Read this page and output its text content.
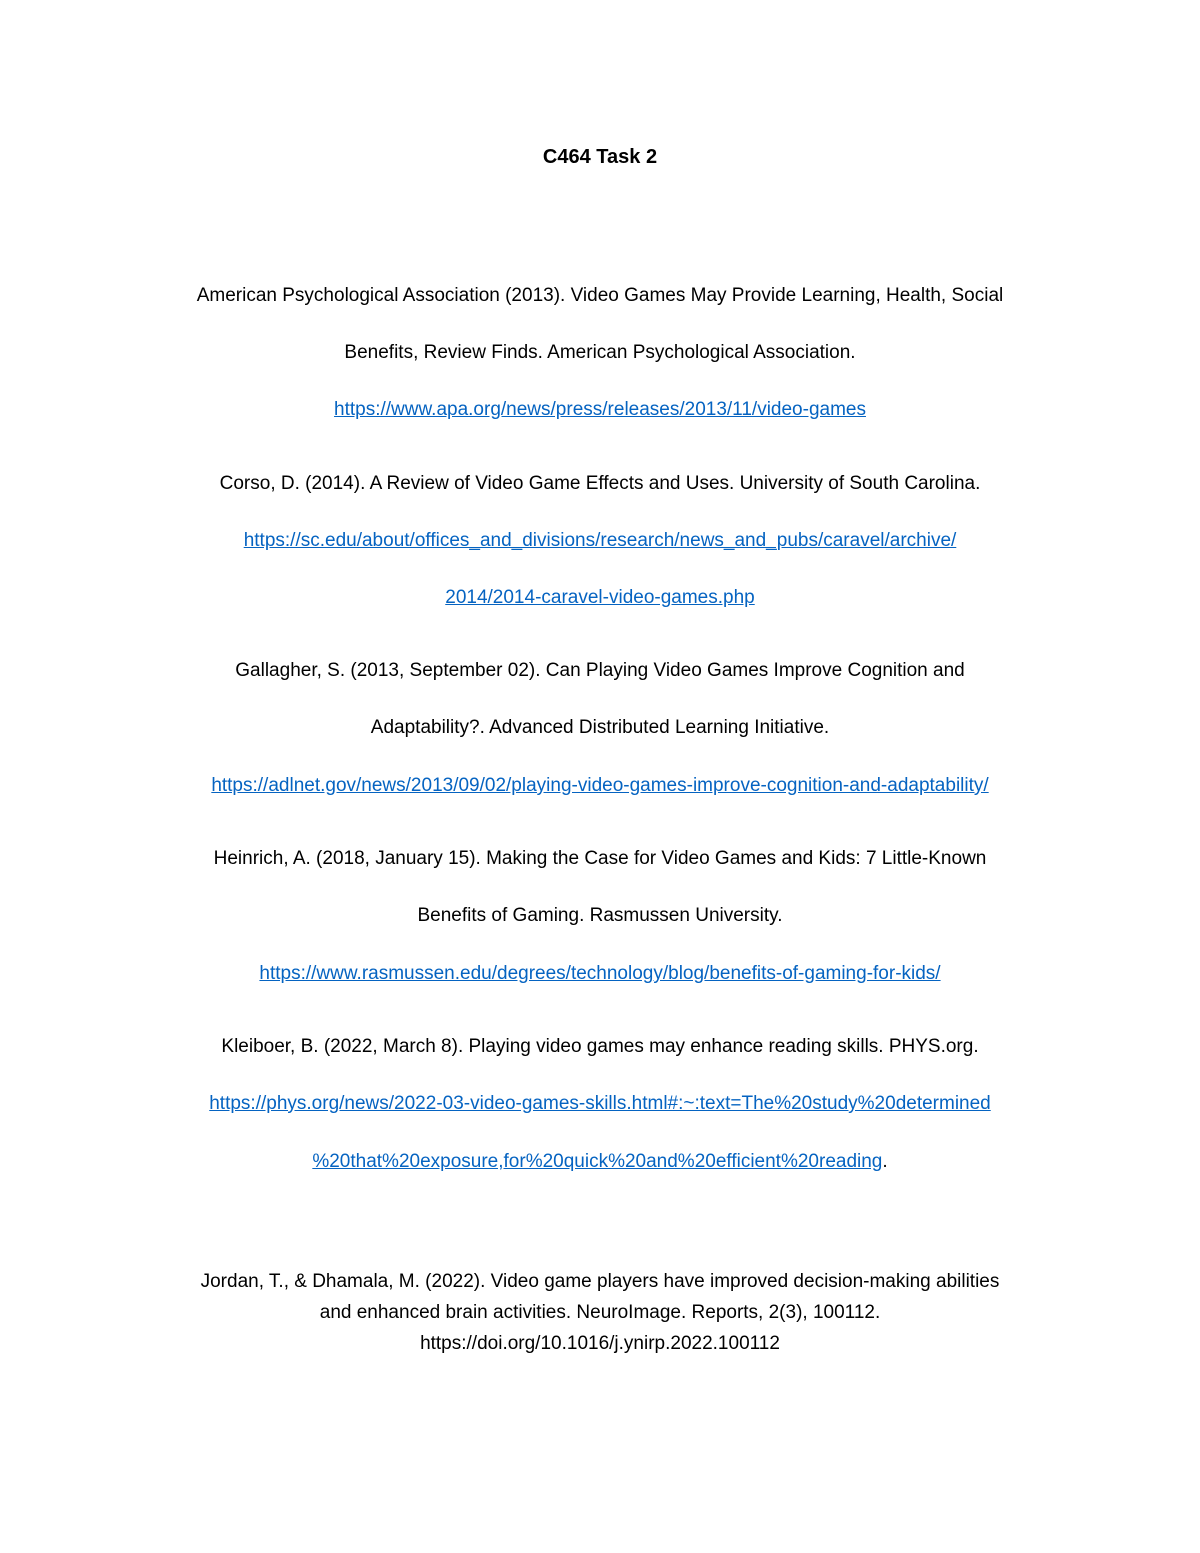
C464 Task 2
American Psychological Association (2013). Video Games May Provide Learning, Health, Social
Benefits, Review Finds. American Psychological Association.
https://www.apa.org/news/press/releases/2013/11/video-games
Corso, D. (2014). A Review of Video Game Effects and Uses. University of South Carolina.
https://sc.edu/about/offices_and_divisions/research/news_and_pubs/caravel/archive/
2014/2014-caravel-video-games.php
Gallagher, S. (2013, September 02). Can Playing Video Games Improve Cognition and
Adaptability?. Advanced Distributed Learning Initiative.
https://adlnet.gov/news/2013/09/02/playing-video-games-improve-cognition-and-adaptability/
Heinrich, A. (2018, January 15). Making the Case for Video Games and Kids: 7 Little-Known
Benefits of Gaming. Rasmussen University.
https://www.rasmussen.edu/degrees/technology/blog/benefits-of-gaming-for-kids/
Kleiboer, B. (2022, March 8). Playing video games may enhance reading skills. PHYS.org.
https://phys.org/news/2022-03-video-games-skills.html#:~:text=The%20study%20determined
%20that%20exposure,for%20quick%20and%20efficient%20reading.
Jordan, T., & Dhamala, M. (2022). Video game players have improved decision-making abilities
and enhanced brain activities. NeuroImage. Reports, 2(3), 100112.
https://doi.org/10.1016/j.ynirp.2022.100112
